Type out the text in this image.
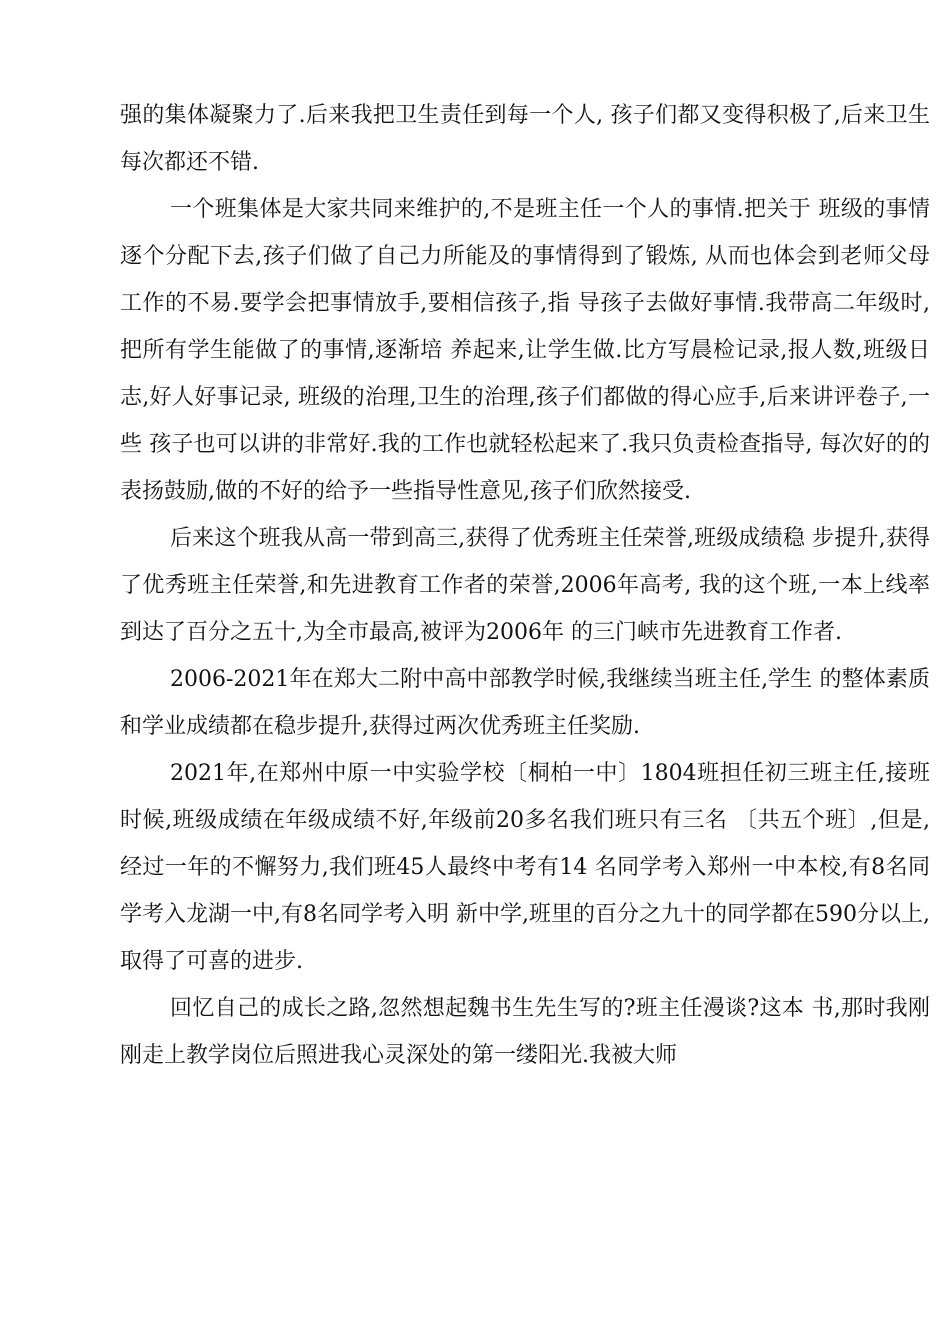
强的集体凝聚力了.后来我把卫生责任到每一个人, 孩子们都又变得积极了,后来卫生每次都还不错.

一个班集体是大家共同来维护的,不是班主任一个人的事情.把关于 班级的事情逐个分配下去,孩子们做了自己力所能及的事情得到了锻炼, 从而也体会到老师父母工作的不易.要学会把事情放手,要相信孩子,指 导孩子去做好事情.我带高二年级时,把所有学生能做了的事情,逐渐培 养起来,让学生做.比方写晨检记录,报人数,班级日志,好人好事记录, 班级的治理,卫生的治理,孩子们都做的得心应手,后来讲评卷子,一些 孩子也可以讲的非常好.我的工作也就轻松起来了.我只负责检查指导, 每次好的的表扬鼓励,做的不好的给予一些指导性意见,孩子们欣然接受.

后来这个班我从高一带到高三,获得了优秀班主任荣誉,班级成绩稳 步提升,获得了优秀班主任荣誉,和先进教育工作者的荣誉,2006年高考, 我的这个班,一本上线率到达了百分之五十,为全市最高,被评为2006年 的三门峡市先进教育工作者.

2006-2021年在郑大二附中高中部教学时候,我继续当班主任,学生 的整体素质和学业成绩都在稳步提升,获得过两次优秀班主任奖励.

2021年,在郑州中原一中实验学校〔桐柏一中〕1804班担任初三班主任,接班时候,班级成绩在年级成绩不好,年级前20多名我们班只有三名 〔共五个班〕,但是,经过一年的不懈努力,我们班45人最终中考有14 名同学考入郑州一中本校,有8名同学考入龙湖一中,有8名同学考入明 新中学,班里的百分之九十的同学都在590分以上,取得了可喜的进步.

回忆自己的成长之路,忽然想起魏书生先生写的?班主任漫谈?这本 书,那时我刚刚走上教学岗位后照进我心灵深处的第一缕阳光.我被大师
